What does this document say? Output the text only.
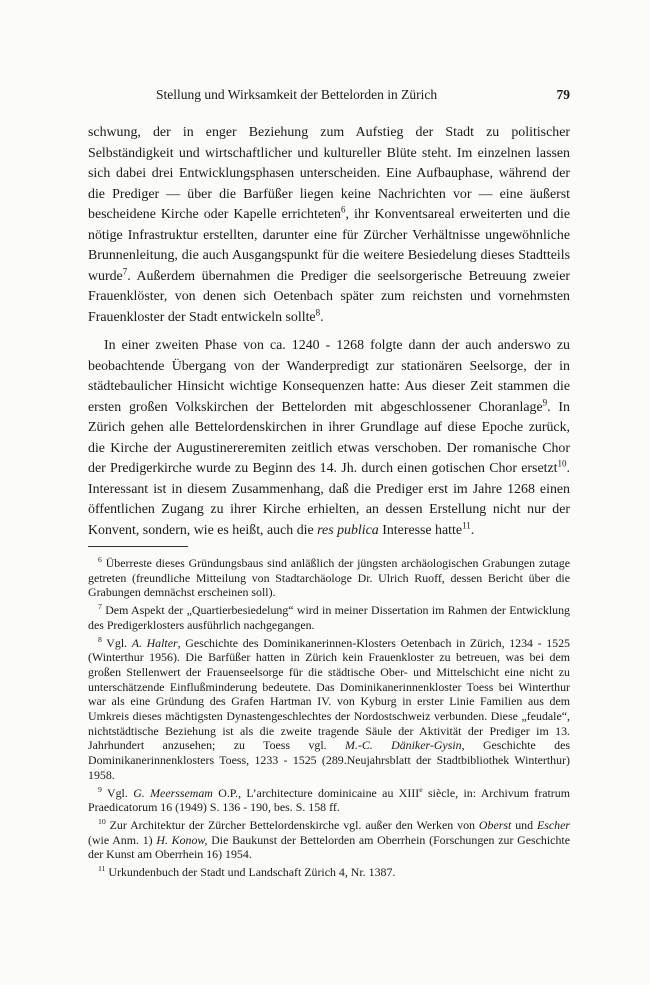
Stellung und Wirksamkeit der Bettelorden in Zürich	79

schwung, der in enger Beziehung zum Aufstieg der Stadt zu politischer Selbständigkeit und wirtschaftlicher und kultureller Blüte steht. Im einzelnen lassen sich dabei drei Entwicklungsphasen unterscheiden. Eine Aufbauphase, während der die Prediger — über die Barfüßer liegen keine Nachrichten vor — eine äußerst bescheidene Kirche oder Kapelle errichteten$^6$, ihr Konventsareal erweiterten und die nötige Infrastruktur erstellten, darunter eine für Zürcher Verhältnisse ungewöhnliche Brunnenleitung, die auch Ausgangspunkt für die weitere Besiedelung dieses Stadtteils wurde$^7$. Außerdem übernahmen die Prediger die seelsorgerische Betreuung zweier Frauenklöster, von denen sich Oetenbach später zum reichsten und vornehmsten Frauenkloster der Stadt entwickeln sollte$^8$.

In einer zweiten Phase von ca. 1240 - 1268 folgte dann der auch anderswo zu beobachtende Übergang von der Wanderpredigt zur stationären Seelsorge, der in städtebaulicher Hinsicht wichtige Konsequenzen hatte: Aus dieser Zeit stammen die ersten großen Volkskirchen der Bettelorden mit abgeschlossener Choranlage$^9$. In Zürich gehen alle Bettelordenskirchen in ihrer Grundlage auf diese Epoche zurück, die Kirche der Augustinereremiten zeitlich etwas verschoben. Der romanische Chor der Predigerkirche wurde zu Beginn des 14. Jh. durch einen gotischen Chor ersetzt$^{10}$. Interessant ist in diesem Zusammenhang, daß die Prediger erst im Jahre 1268 einen öffentlichen Zugang zu ihrer Kirche erhielten, an dessen Erstellung nicht nur der Konvent, sondern, wie es heißt, auch die res publica Interesse hatte$^{11}$.

$^6$ Überreste dieses Gründungsbaus sind anläßlich der jüngsten archäologischen Grabungen zutage getreten (freundliche Mitteilung von Stadtarchäologe Dr. Ulrich Ruoff, dessen Bericht über die Grabungen demnächst erscheinen soll).

$^7$ Dem Aspekt der „Quartierbesiedelung“ wird in meiner Dissertation im Rahmen der Entwicklung des Predigerklosters ausführlich nachgegangen.

$^8$ Vgl. A. Halter, Geschichte des Dominikanerinnen-Klosters Oetenbach in Zürich, 1234 - 1525 (Winterthur 1956). Die Barfüßer hatten in Zürich kein Frauenkloster zu betreuen, was bei dem großen Stellenwert der Frauenseelsorge für die städtische Ober- und Mittelschicht eine nicht zu unterschätzende Einflußminderung bedeutete. Das Dominikanerinnenkloster Toess bei Winterthur war als eine Gründung des Grafen Hartman IV. von Kyburg in erster Linie Familien aus dem Umkreis dieses mächtigsten Dynastengeschlechtes der Nordostschweiz verbunden. Diese „feudale“, nichtstädtische Beziehung ist als die zweite tragende Säule der Aktivität der Prediger im 13. Jahrhundert anzusehen; zu Toess vgl. M.-C. Däniker-Gysin, Geschichte des Dominikanerinnenklosters Toess, 1233 - 1525 (289.Neujahrsblatt der Stadtbibliothek Winterthur) 1958.

$^9$ Vgl. G. Meerssemam O.P., L’architecture dominicaine au XIIIe siècle, in: Archivum fratrum Praedicatorum 16 (1949) S. 136 - 190, bes. S. 158 ff.

$^{10}$ Zur Architektur der Zürcher Bettelordenskirche vgl. außer den Werken von Oberst und Escher (wie Anm. 1) H. Konow, Die Baukunst der Bettelorden am Oberrhein (Forschungen zur Geschichte der Kunst am Oberrhein 16) 1954.

$^{11}$ Urkundenbuch der Stadt und Landschaft Zürich 4, Nr. 1387.
